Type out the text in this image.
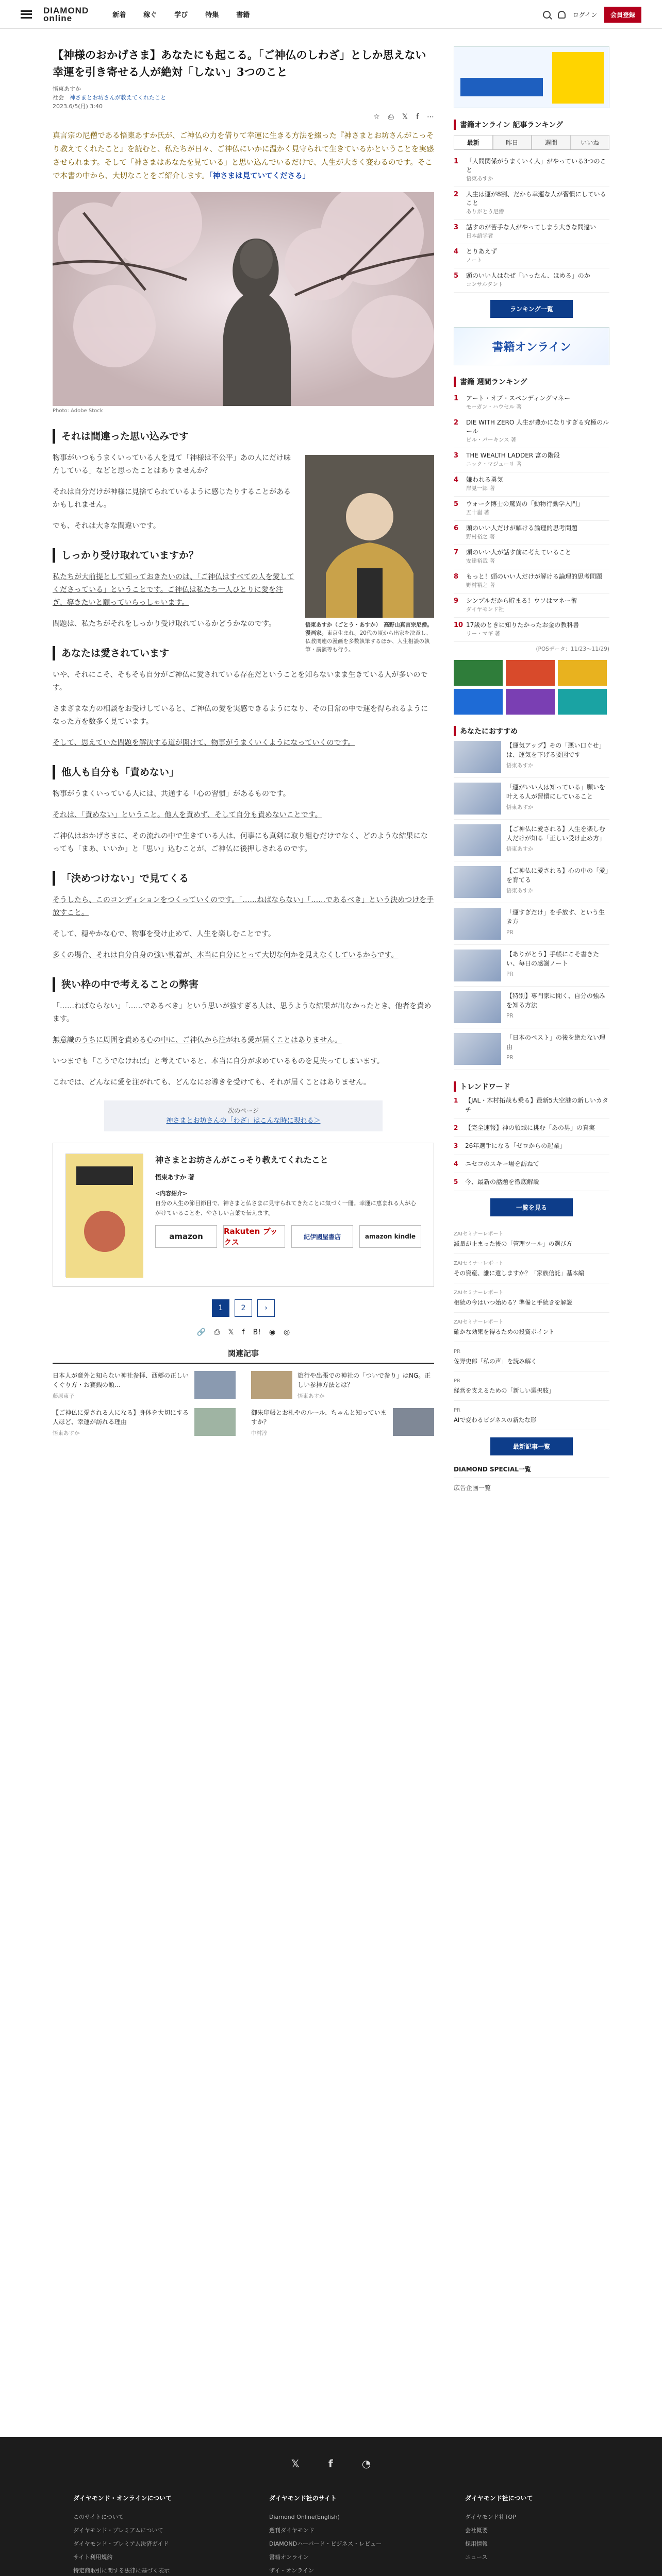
DIAMOND
online	新着	稼ぐ	学び	特集	書籍	ログイン	会員登録
【神様のおかげさま】あなたにも起こる。「ご神仏のしわざ」としか思えない幸運を引き寄せる人が絶対「しない」3つのこと
悟東あすか
社会　 神さまとお坊さんが教えてくれたこと
2023.6/5(月) 3:40
☆ ⎙ 𝕏 f ⋯

真言宗の尼僧である悟東あすか氏が、ご神仏の力を借りて幸運に生きる方法を綴った『神さまとお坊さんがこっそり教えてくれたこと』を読むと、私たちが日々、ご神仏にいかに温かく見守られて生きているかということを実感させられます。そして「神さまはあなたを見ている」と思い込んでいるだけで、人生が大きく変わるのです。そこで本書の中から、大切なことをご紹介します。「神さまは見ていてくださる」

Photo: Adobe Stock
それは間違った思い込みです
悟東あすか（ごとう・あすか）　高野山真言宗尼僧。漫画家。東京生まれ。20代の頃から出家を決意し、仏教関連の漫画を多数執筆するほか、人生相談の執筆・講演等も行う。

物事がいつもうまくいっている人を見て「神様は不公平」あの人にだけ味方している」などと思ったことはありませんか？

それは自分だけが神様に見捨てられているように感じたりすることがあるかもしれません。

でも、それは大きな間違いです。

しっかり受け取れていますか？

私たちが大前提として知っておきたいのは、「ご神仏はすべての人を愛してくださっている」ということです。ご神仏は私たち一人ひとりに愛を注ぎ、導きたいと願っていらっしゃいます。

問題は、私たちがそれをしっかり受け取れているかどうかなのです。

あなたは愛されています

いや、それにこそ、そもそも自分がご神仏に愛されている存在だということを知らないまま生きている人が多いのです。

さまざまな方の相談をお受けしていると、ご神仏の愛を実感できるようになり、その日常の中で運を得られるようになった方を数多く見ています。

そして、思えていた問題を解決する道が開けて、物事がうまくいくようになっていくのです。

他人も自分も「責めない」

物事がうまくいっている人には、共通する「心の習慣」があるものです。

それは、「責めない」ということ。他人を責めず、そして自分も責めないことです。

ご神仏はおかげさまに、その流れの中で生きている人は、何事にも真剣に取り組むだけでなく、どのような結果になっても「まあ、いいか」と「思い」込むことが、ご神仏に後押しされるのです。

「決めつけない」で見てくる

そうしたら、このコンディションをつくっていくのです。「……ねばならない」「……であるべき」という決めつけを手放すこと。

そして、穏やかな心で、物事を受け止めて、人生を楽しむことです。

多くの場合、それは自分自身の強い執着が、本当に自分にとって大切な何かを見えなくしているからです。

狭い枠の中で考えることの弊害

「……ねばならない」「……であるべき」という思いが強すぎる人は、思うような結果が出なかったとき、他者を責めます。

無意識のうちに周囲を責める心の中に、ご神仏から注がれる愛が届くことはありません。

いつまでも「こうでなければ」と考えていると、本当に自分が求めているものを見失ってしまいます。

これでは、どんなに愛を注がれても、どんなにお導きを受けても、それが届くことはありません。

次のページ
神さまとお坊さんの「わざ」はこんな時に現れる＞
神さまとお坊さんがこっそり教えてくれたこと
悟東あすか 著
<内容紹介>
自分の人生の節目節目で、神さまと仏さまに見守られてきたことに気づく一冊。幸運に恵まれる人が心がけていることを、やさしい言葉で伝えます。
amazon
Rakuten ブックス
紀伊國屋書店	amazon kindle
1	2	›
🔗 ⎙ 𝕏 f B! ◉ ◎
関連記事
日本人が意外と知らない神社参拝、西郷の正しいくぐり方・お賽銭の額…
藤原東子
旅行や出張での神社の「ついで参り」はNG。正しい参拝方法とは？
悟東あすか
【ご神仏に愛される人になる】身体を大切にする人ほど、幸運が訪れる理由
悟東あすか
御朱印帳とお札やのルール、ちゃんと知っていますか？
中村淳
書籍オンライン 記事ランキング
最新	昨日	週間	いいね
1	「人間関係がうまくいく人」がやっている3つのこと
悟東あすか
2	人生は運が8割、だから幸運な人が習慣にしていること
ありがとう尼僧
3	話すのが苦手な人がやってしまう大きな間違い
日本語学者
4	とりあえず
ノート
5	頭のいい人はなぜ「いったん、ほめる」のか
コンサルタント
ランキング一覧
書籍オンライン
書籍 週間ランキング
1	アート・オブ・スペンディングマネー
モーガン・ハウセル 著
2	DIE WITH ZERO 人生が豊かになりすぎる究極のルール
ビル・パーキンス 著
3	THE WEALTH LADDER 富の階段
ニック・マジューリ 著
4	嫌われる勇気
岸見一郎 著
5	ウォーク博士の驚異の「動物行動学入門」
五十嵐 著
6	頭のいい人だけが解ける論理的思考問題
野村裕之 著
7	頭のいい人が話す前に考えていること
安達裕哉 著
8	もっと！頭のいい人だけが解ける論理的思考問題
野村裕之 著
9	シンプルだから貯まる！ウソはマネー術
ダイヤモンド社
10 17歳のときに知りたかったお金の教科書
リー・マギ 著
(POSデータ：11/23〜11/29)
あなたにおすすめ
【運気アップ】その「悪い口ぐせ」は、運気を下げる要因です
悟東あすか
「運がいい人は知っている」願いを叶える人が習慣にしていること
悟東あすか
【ご神仏に愛される】人生を楽しむ人だけが知る「正しい受け止め方」
悟東あすか
【ご神仏に愛される】心の中の「愛」を育てる
悟東あすか
「運すぎだけ」を手放す、という生き方
PR
【ありがとう】手帳にこそ書きたい、毎日の感謝ノート
PR
【特別】専門家に聞く、自分の強みを知る方法
PR
「日本のペスト」の後を絶たない理由
PR
トレンドワード
1	【JAL・木村拓哉も乗る】最新5大空港の新しいカタチ
2	【完全速報】神の領域に挑む「あの男」の真実
3	26年選手になる「ゼロからの起業」
4	ニセコのスキー場を訪ねて
5	今、最新の話題を徹底解説
一覧を見る
ZAIセミナーレポート
減量が止まった後の「管理ツール」の選び方
ZAIセミナーレポート
その資産、誰に遺しますか？「家族信託」基本編
ZAIセミナーレポート
相続の今はいつ始める？準備と手続きを解説
ZAIセミナーレポート
確かな効果を得るための投資ポイント
PR
佐野史郎「私の声」を読み解く
PR
経営を支えるための「新しい選択肢」
PR
AIで変わるビジネスの新たな形
最新記事一覧
DIAMOND SPECIAL一覧
広告企画一覧
𝕏	f	◔
ダイヤモンド・オンラインについて
このサイトについて
ダイヤモンド・プレミアムについて
ダイヤモンド・プレミアム決済ガイド
サイト利用規約
特定商取引に関する法律に基づく表示
ダイヤモンド社のサイト
Diamond Online(English)
週刊ダイヤモンド
DIAMONDハーバード・ビジネス・レビュー
書籍オンライン
ザイ・オンライン
ダイヤモンド社について
ダイヤモンド社TOP
会社概要
採用情報
ニュース
